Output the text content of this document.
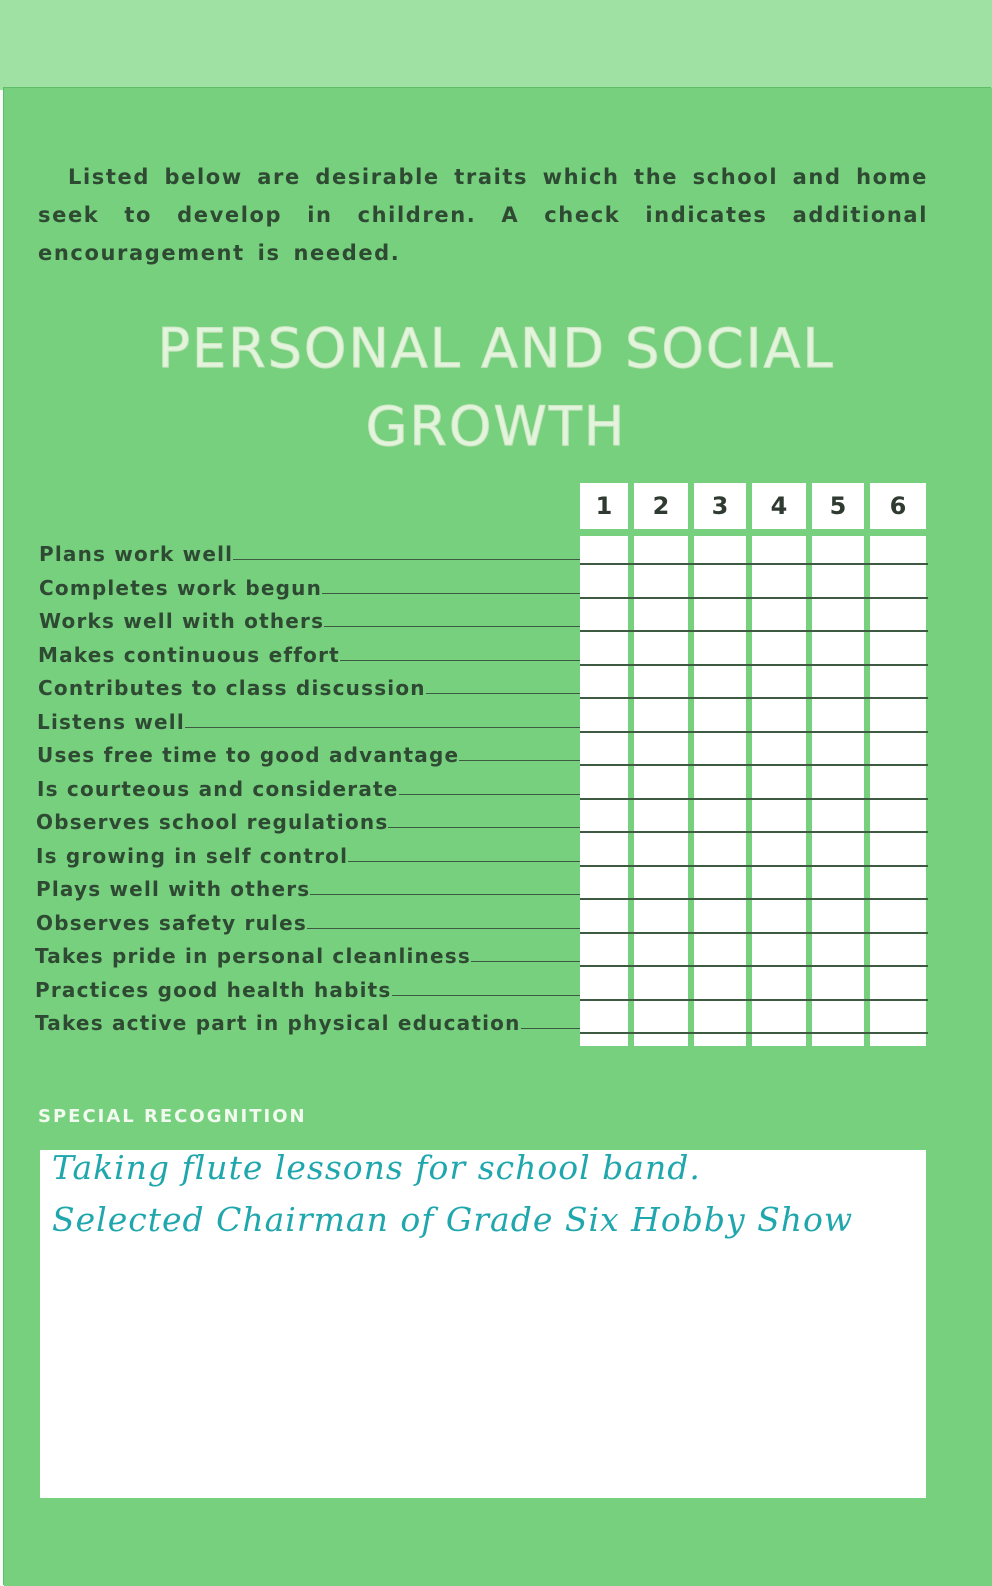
Listed below are desirable traits which the school and home seek to develop in children. A check indicates additional encouragement is needed.

PERSONAL AND SOCIAL
GROWTH
1	2	3	4	5	6
Plans work well
Completes work begun
Works well with others
Makes continuous effort
Contributes to class discussion
Listens well
Uses free time to good advantage
Is courteous and considerate
Observes school regulations
Is growing in self control
Plays well with others
Observes safety rules
Takes pride in personal cleanliness
Practices good health habits
Takes active part in physical education
SPECIAL RECOGNITION
Taking flute lessons for school band.
Selected Chairman of Grade Six Hobby Show
